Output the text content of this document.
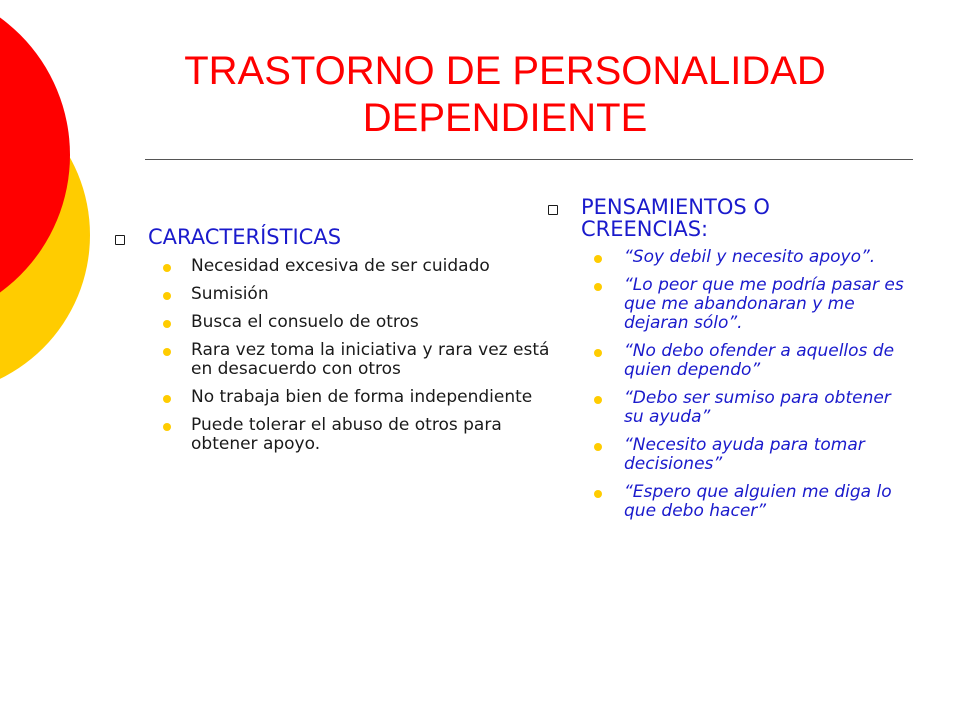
TRASTORNO DE PERSONALIDAD
DEPENDIENTE
CARACTERÍSTICAS
Necesidad excesiva de ser cuidado
Sumisión
Busca el consuelo de otros
Rara vez toma la iniciativa y rara vez está en desacuerdo con otros
No trabaja bien de forma independiente
Puede tolerar el abuso de otros para obtener apoyo.
PENSAMIENTOS O CREENCIAS:
“Soy debil y necesito apoyo”.
“Lo peor que me podría pasar es que me abandonaran y me dejaran sólo”.
“No debo ofender a aquellos de quien dependo”
“Debo ser sumiso para obtener su ayuda”
“Necesito ayuda para tomar decisiones”
“Espero que alguien me diga lo que debo hacer”
